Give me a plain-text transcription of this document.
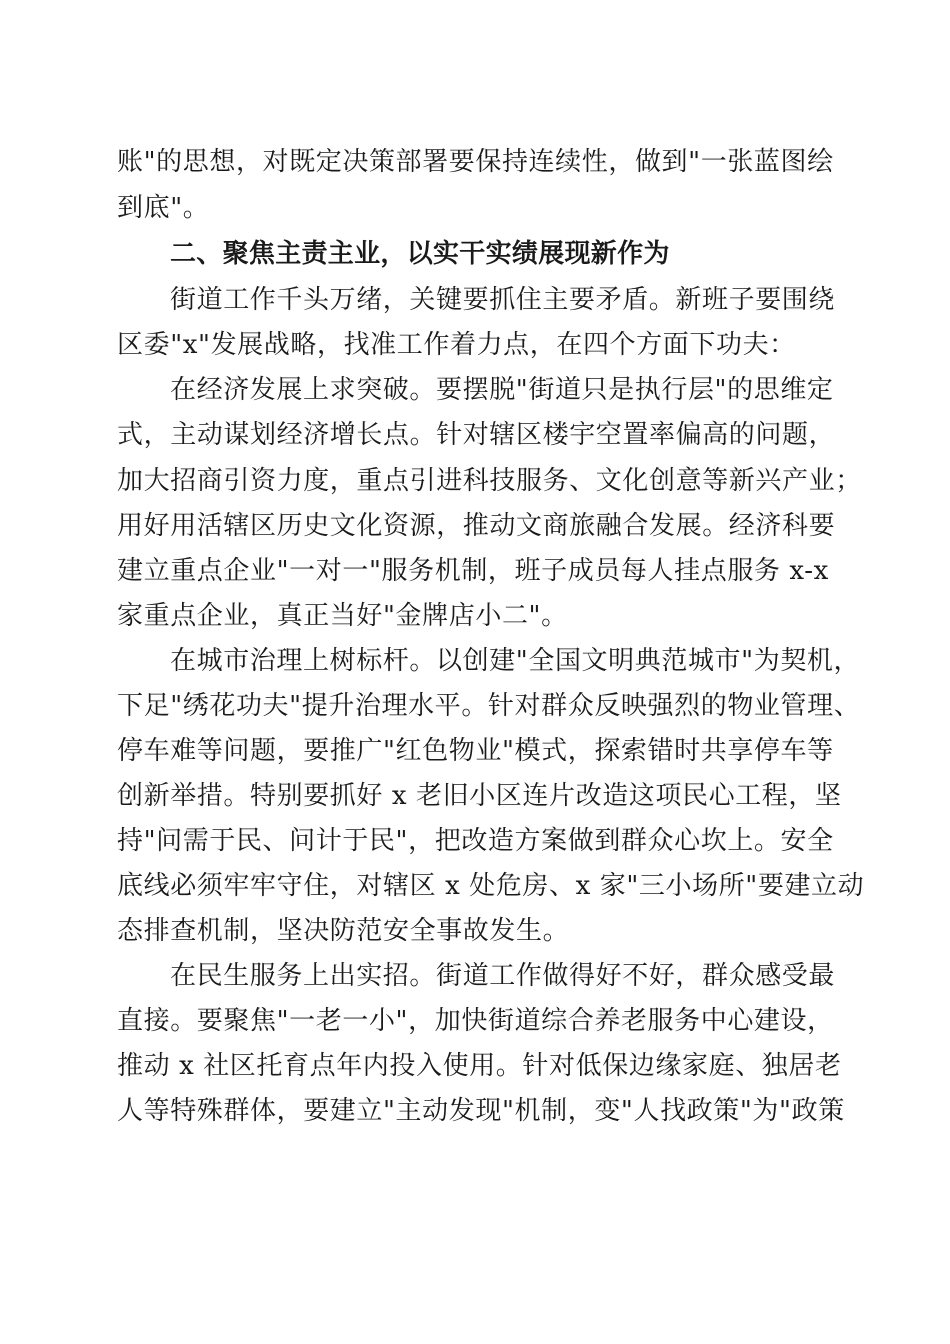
账"的思想，对既定决策部署要保持连续性，做到"一张蓝图绘
到底"。
二、聚焦主责主业，以实干实绩展现新作为
街道工作千头万绪，关键要抓住主要矛盾。新班子要围绕
区委"x"发展战略，找准工作着力点，在四个方面下功夫：
在经济发展上求突破。要摆脱"街道只是执行层"的思维定
式，主动谋划经济增长点。针对辖区楼宇空置率偏高的问题，
加大招商引资力度，重点引进科技服务、文化创意等新兴产业；
用好用活辖区历史文化资源，推动文商旅融合发展。经济科要
建立重点企业"一对一"服务机制，班子成员每人挂点服务 x-x
家重点企业，真正当好"金牌店小二"。
在城市治理上树标杆。以创建"全国文明典范城市"为契机，
下足"绣花功夫"提升治理水平。针对群众反映强烈的物业管理、
停车难等问题，要推广"红色物业"模式，探索错时共享停车等
创新举措。特别要抓好 x 老旧小区连片改造这项民心工程，坚
持"问需于民、问计于民"，把改造方案做到群众心坎上。安全
底线必须牢牢守住，对辖区 x 处危房、x 家"三小场所"要建立动
态排查机制，坚决防范安全事故发生。
在民生服务上出实招。街道工作做得好不好，群众感受最
直接。要聚焦"一老一小"，加快街道综合养老服务中心建设，
推动 x 社区托育点年内投入使用。针对低保边缘家庭、独居老
人等特殊群体，要建立"主动发现"机制，变"人找政策"为"政策
